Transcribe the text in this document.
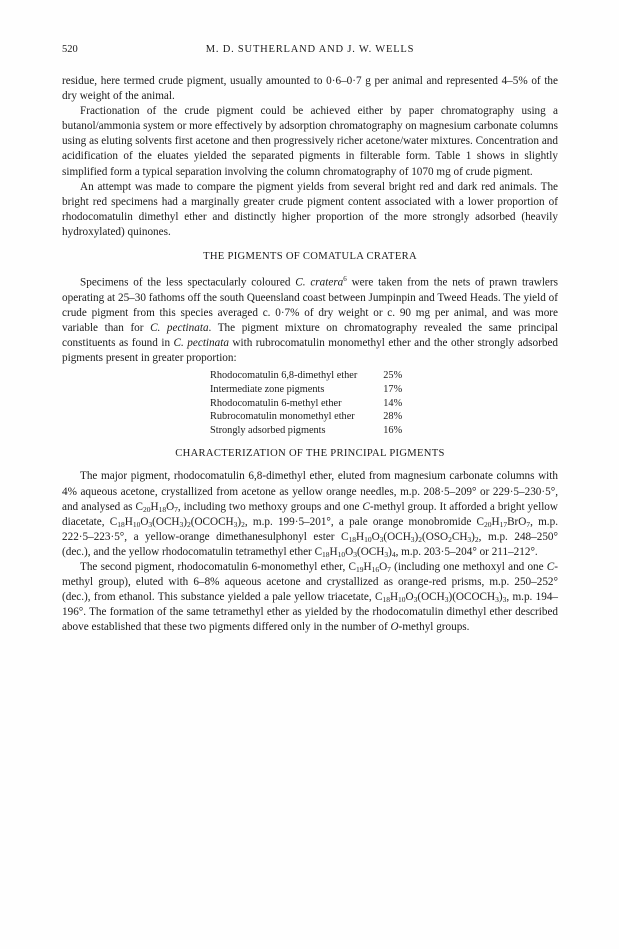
520	M. D. SUTHERLAND AND J. W. WELLS

residue, here termed crude pigment, usually amounted to 0·6–0·7 g per animal and represented 4–5% of the dry weight of the animal.

Fractionation of the crude pigment could be achieved either by paper chromatography using a butanol/ammonia system or more effectively by adsorption chromatography on magnesium carbonate columns using as eluting solvents first acetone and then progressively richer acetone/water mixtures. Concentration and acidification of the eluates yielded the separated pigments in filterable form. Table 1 shows in slightly simplified form a typical separation involving the column chromatography of 1070 mg of crude pigment.

An attempt was made to compare the pigment yields from several bright red and dark red animals. The bright red specimens had a marginally greater crude pigment content associated with a lower proportion of rhodocomatulin dimethyl ether and distinctly higher proportion of the more strongly adsorbed (heavily hydroxylated) quinones.

THE PIGMENTS OF COMATULA CRATERA

Specimens of the less spectacularly coloured C. cratera$^6$ were taken from the nets of prawn trawlers operating at 25–30 fathoms off the south Queensland coast between Jumpinpin and Tweed Heads. The yield of crude pigment from this species averaged c. 0·7% of dry weight or c. 90 mg per animal, and was more variable than for C. pectinata. The pigment mixture on chromatography revealed the same principal constituents as found in C. pectinata with rubrocomatulin monomethyl ether and the other strongly adsorbed pigments present in greater proportion:

Rhodocomatulin 6,8-dimethyl ether	25%
Intermediate zone pigments	17%
Rhodocomatulin 6-methyl ether	14%
Rubrocomatulin monomethyl ether	28%
Strongly adsorbed pigments	16%
CHARACTERIZATION OF THE PRINCIPAL PIGMENTS

The major pigment, rhodocomatulin 6,8-dimethyl ether, eluted from magnesium carbonate columns with 4% aqueous acetone, crystallized from acetone as yellow orange needles, m.p. 208·5–209° or 229·5–230·5°, and analysed as $C_{20}H_{18}O_7$, including two methoxy groups and one C-methyl group. It afforded a bright yellow diacetate, $C_{18}H_{10}O_3(OCH_3)_2(OCOCH_3)_2$, m.p. 199·5–201°, a pale orange monobromide $C_{20}H_{17}BrO_7$, m.p. 222·5–223·5°, a yellow-orange dimethanesulphonyl ester $C_{18}H_{10}O_3(OCH_3)_2(OSO_2CH_3)_2$, m.p. 248–250° (dec.), and the yellow rhodocomatulin tetramethyl ether $C_{18}H_{10}O_3(OCH_3)_4$, m.p. 203·5–204° or 211–212°.

The second pigment, rhodocomatulin 6-monomethyl ether, $C_{19}H_{16}O_7$ (including one methoxyl and one C-methyl group), eluted with 6–8% aqueous acetone and crystallized as orange-red prisms, m.p. 250–252° (dec.), from ethanol. This substance yielded a pale yellow triacetate, $C_{18}H_{10}O_3(OCH_3)(OCOCH_3)_3$, m.p. 194–196°. The formation of the same tetramethyl ether as yielded by the rhodocomatulin dimethyl ether described above established that these two pigments differed only in the number of O-methyl groups.
